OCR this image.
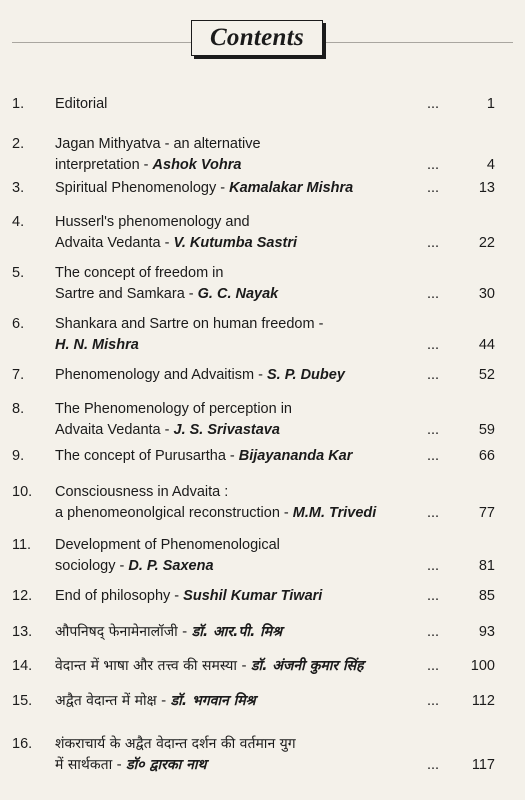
Contents
1. Editorial	...	1
2. Jagan Mithyatva - an alternative
interpretation - Ashok Vohra	...	4
3. Spiritual Phenomenology - Kamalakar Mishra	...	13
4. Husserl's phenomenology and
Advaita Vedanta - V. Kutumba Sastri	...	22
5. The concept of freedom in
Sartre and Samkara - G. C. Nayak	...	30
6. Shankara and Sartre on human freedom -
H. N. Mishra	...	44
7. Phenomenology and Advaitism - S. P. Dubey	...	52
8. The Phenomenology of perception in
Advaita Vedanta - J. S. Srivastava	...	59
9. The concept of Purusartha - Bijayananda Kar	...	66
10. Consciousness in Advaita :
a phenomeonolgical reconstruction - M.M. Trivedi	...	77
11. Development of Phenomenological
sociology - D. P. Saxena	...	81
12. End of philosophy - Sushil Kumar Tiwari	...	85
13. औपनिषद् फेनामेनालॉजी - डॉ. आर.पी. मिश्र	...	93
14. वेदान्त में भाषा और तत्त्व की समस्या - डॉ. अंजनी कुमार सिंह	... 100
15. अद्वैत वेदान्त में मोक्ष - डॉ. भगवान मिश्र	... 112
16. शंकराचार्य के अद्वैत वेदान्त दर्शन की वर्तमान युग
में सार्थकता - डॉ० द्वारका नाथ	... 117
